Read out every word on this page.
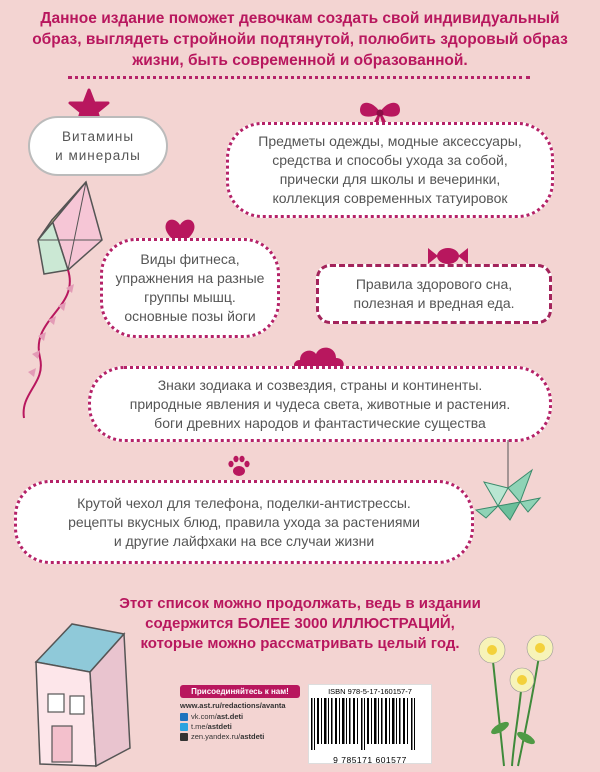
Данное издание поможет девочкам создать свой индивидуальный образ, выглядеть стройнойи подтянутой, полюбить здоровый образ жизни, быть современной и образованной.
Витамины
и минералы
Предметы одежды, модные аксессуары,
средства и способы ухода за собой,
прически для школы и вечеринки,
коллекция современных татуировок
Виды фитнеса,
упражнения на разные
группы мышц.
основные позы йоги
Правила здорового сна,
полезная и вредная еда.
Знаки зодиака и созвездия, страны и континенты.
природные явления и чудеса света, животные и растения.
боги древних народов и фантастические существа
Крутой чехол для телефона, поделки-антистрессы.
рецепты вкусных блюд, правила ухода за растениями
и другие лайфхаки на все случаи жизни
Этот список можно продолжать, ведь в издании
содержится БОЛЕЕ 3000 ИЛЛЮСТРАЦИЙ,
которые можно рассматривать целый год.
Присоединяйтесь к нам!
www.ast.ru/redactions/avanta
vk.com/ ast.deti
t.me/ astdeti
zen.yandex.ru/ astdeti
ISBN 978-5-17-160157-7
9 785171 601577
